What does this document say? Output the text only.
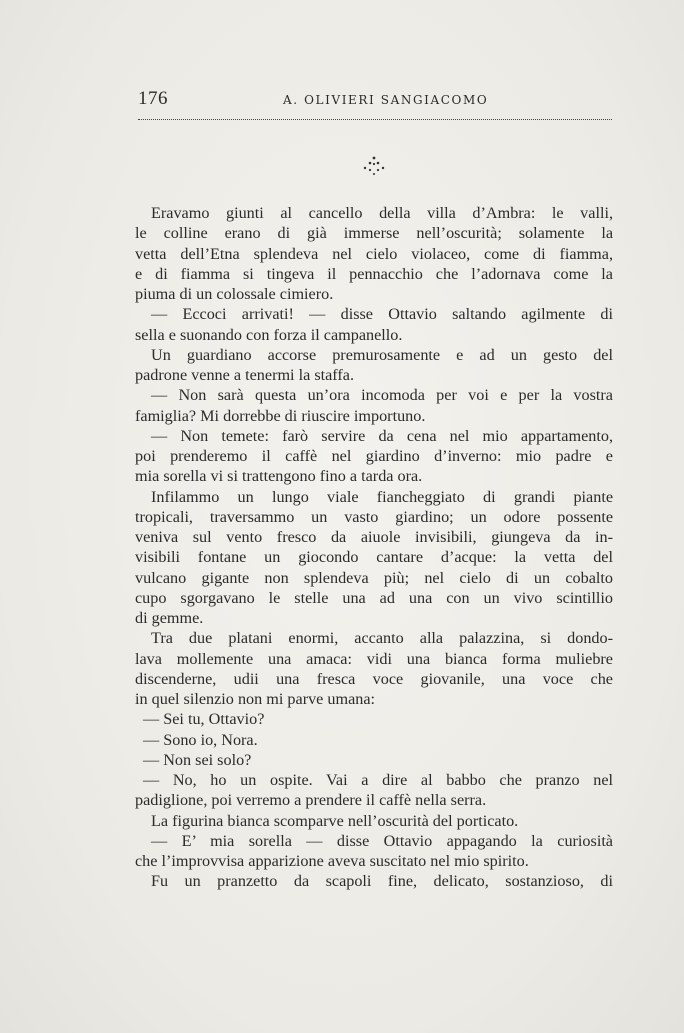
176	A. OLIVIERI SANGIACOMO
Eravamo giunti al cancello della villa d’Ambra: le valli,
le colline erano di già immerse nell’oscurità; solamente la
vetta dell’Etna splendeva nel cielo violaceo, come di fiamma,
e di fiamma si tingeva il pennacchio che l’adornava come la
piuma di un colossale cimiero.
— Eccoci arrivati! — disse Ottavio saltando agilmente di
sella e suonando con forza il campanello.
Un guardiano accorse premurosamente e ad un gesto del
padrone venne a tenermi la staffa.
— Non sarà questa un’ora incomoda per voi e per la vostra
famiglia? Mi dorrebbe di riuscire importuno.
— Non temete: farò servire da cena nel mio appartamento,
poi prenderemo il caffè nel giardino d’inverno: mio padre e
mia sorella vi si trattengono fino a tarda ora.
Infilammo un lungo viale fiancheggiato di grandi piante
tropicali, traversammo un vasto giardino; un odore possente
veniva sul vento fresco da aiuole invisibili, giungeva da in-
visibili fontane un giocondo cantare d’acque: la vetta del
vulcano gigante non splendeva più; nel cielo di un cobalto
cupo sgorgavano le stelle una ad una con un vivo scintillio
di gemme.
Tra due platani enormi, accanto alla palazzina, si dondo-
lava mollemente una amaca: vidi una bianca forma muliebre
discenderne, udii una fresca voce giovanile, una voce che
in quel silenzio non mi parve umana:
— Sei tu, Ottavio?
— Sono io, Nora.
— Non sei solo?
— No, ho un ospite. Vai a dire al babbo che pranzo nel
padiglione, poi verremo a prendere il caffè nella serra.
La figurina bianca scomparve nell’oscurità del porticato.
— E’ mia sorella — disse Ottavio appagando la curiosità
che l’improvvisa apparizione aveva suscitato nel mio spirito.
Fu un pranzetto da scapoli fine, delicato, sostanzioso, di
